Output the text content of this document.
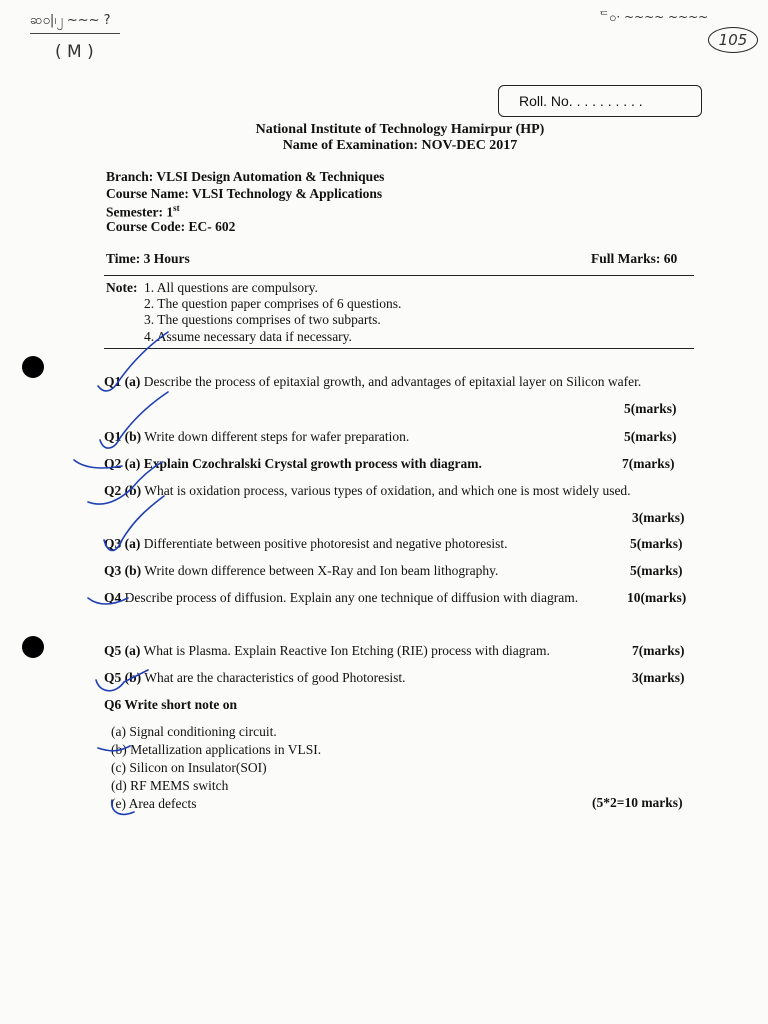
ဆ၀|၊၂ ~~~ ?
( M )
ᄃဝ· ~~~~ ~~~~
105
Roll. No. . . . . . . . . .
National Institute of Technology Hamirpur (HP)
Name of Examination: NOV-DEC 2017
Branch: VLSI Design Automation & Techniques
Course Name: VLSI Technology & Applications
Semester: 1st
Course Code: EC- 602
Time: 3 Hours	Full Marks: 60
Note: 1. All questions are compulsory.
2. The question paper comprises of 6 questions.
3. The questions comprises of two subparts.
4. Assume necessary data if necessary.
Q1 (a) Describe the process of epitaxial growth, and advantages of epitaxial layer on Silicon wafer.
5(marks)
Q1 (b) Write down different steps for wafer preparation.	5(marks)
Q2 (a) Explain Czochralski Crystal growth process with diagram.	7(marks)
Q2 (b) What is oxidation process, various types of oxidation, and which one is most widely used.
3(marks)
Q3 (a) Differentiate between positive photoresist and negative photoresist.	5(marks)
Q3 (b) Write down difference between X-Ray and Ion beam lithography.	5(marks)
Q4 Describe process of diffusion. Explain any one technique of diffusion with diagram.	10(marks)
Q5 (a) What is Plasma. Explain Reactive Ion Etching (RIE) process with diagram.	7(marks)
Q5 (b) What are the characteristics of good Photoresist.	3(marks)
Q6 Write short note on
(a) Signal conditioning circuit.
(b) Metallization applications in VLSI.
(c) Silicon on Insulator(SOI)
(d) RF MEMS switch
(e) Area defects	(5*2=10 marks)
